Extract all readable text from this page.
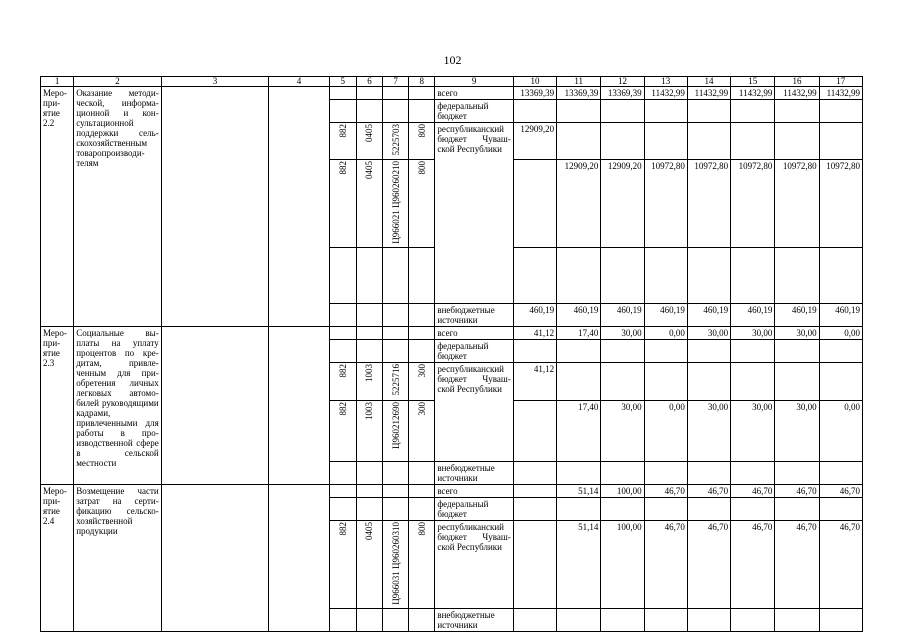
102
1	2	3	4	5	6	7	8	9	10	11	12	13	14	15	16	17
Мероприятие 2.2	Оказание методической, информационной и консультационной поддержки сельскохозяйственным товаропроизводителям							всего	13369,39	13369,39	13369,39	11432,99	11432,99	11432,99	11432,99	11432,99
								федеральный бюджет								
				882	0405	5225703	800	республиканский бюджет Чувашской Республики	12909,20							
				882	0405	Ц966021 Ц960260210	800			12909,20	12909,20	10972,80	10972,80	10972,80	10972,80	10972,80

								внебюджетные источники	460,19	460,19	460,19	460,19	460,19	460,19	460,19	460,19
Мероприятие 2.3	Социальные выплаты на уплату процентов по кредитам, привлеченным для приобретения личных легковых автомобилей руководящими кадрами, привлеченными для работы в производственной сфере в сельской местности							всего	41,12	17,40	30,00	0,00	30,00	30,00	30,00	0,00
								федеральный бюджет								
				882	1003	5225716	300	республиканский бюджет Чувашской Республики	41,12							
				882	1003	Ц960212690	300			17,40	30,00	0,00	30,00	30,00	30,00	0,00
								внебюджетные источники								
Мероприятие 2.4	Возмещение части затрат на сертификацию сельскохозяйственной продукции							всего		51,14	100,00	46,70	46,70	46,70	46,70	46,70
								федеральный бюджет								
				882	0405	Ц966031 Ц960260310	800	республиканский бюджет Чувашской Республики		51,14	100,00	46,70	46,70	46,70	46,70	46,70
								внебюджетные источники								
